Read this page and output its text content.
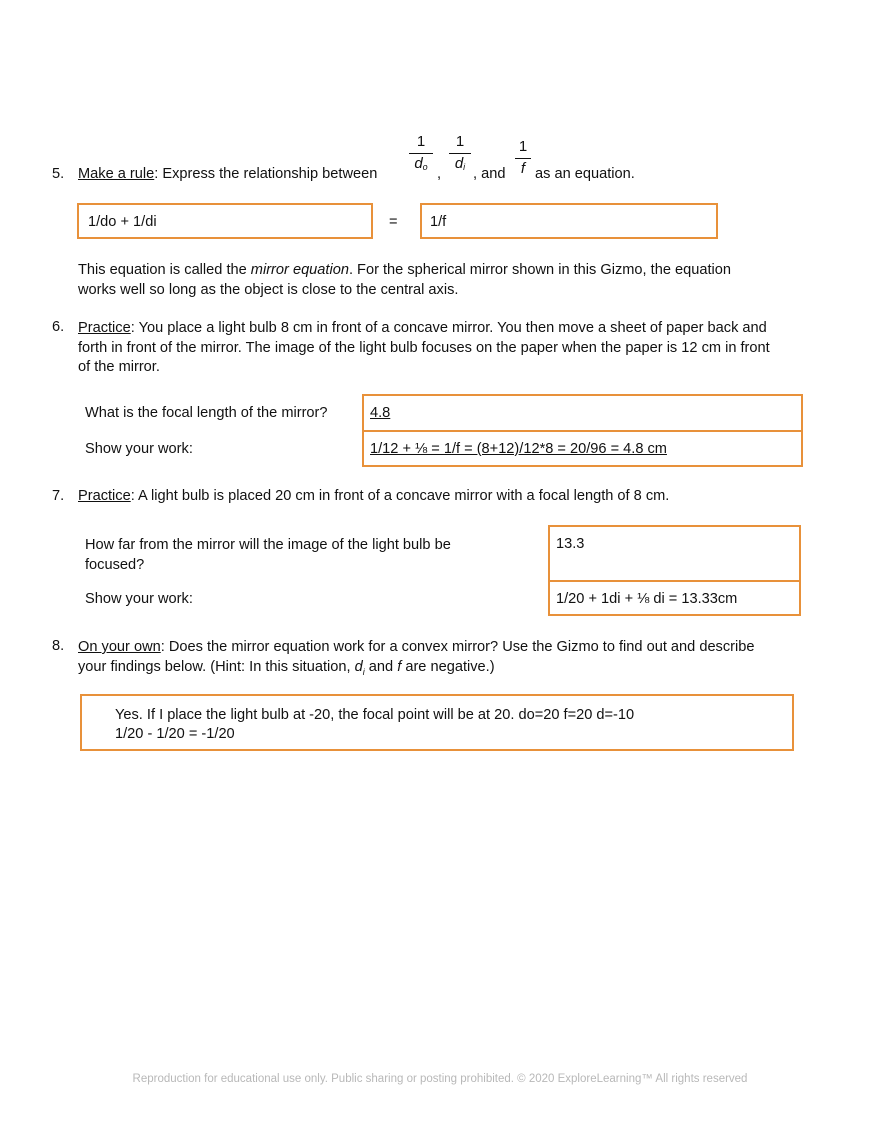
5. Make a rule: Express the relationship between
1
$d_o$ ,
1
$d_i$ , and
1
f as an equation.
1/do + 1/di	= 1/f
This equation is called the mirror equation. For the spherical mirror shown in this Gizmo, the equation
works well so long as the object is close to the central axis.
6. Practice: You place a light bulb 8 cm in front of a concave mirror. You then move a sheet of paper back and
forth in front of the mirror. The image of the light bulb focuses on the paper when the paper is 12 cm in front
of the mirror.
What is the focal length of the mirror?
Show your work:
4.8
1/12 + ⅛ = 1/f = (8+12)/12*8 = 20/96 = 4.8 cm
7. Practice: A light bulb is placed 20 cm in front of a concave mirror with a focal length of 8 cm.
How far from the mirror will the image of the light bulb be
focused?
Show your work:
13.3
1/20 + 1di + ⅛ di = 13.33cm
8. On your own: Does the mirror equation work for a convex mirror? Use the Gizmo to find out and describe
your findings below. (Hint: In this situation, $d_i$ and f are negative.)
Yes. If I place the light bulb at -20, the focal point will be at 20. do=20 f=20 d=-10
1/20 - 1/20 = -1/20
Reproduction for educational use only. Public sharing or posting prohibited. © 2020 ExploreLearning™ All rights reserved
